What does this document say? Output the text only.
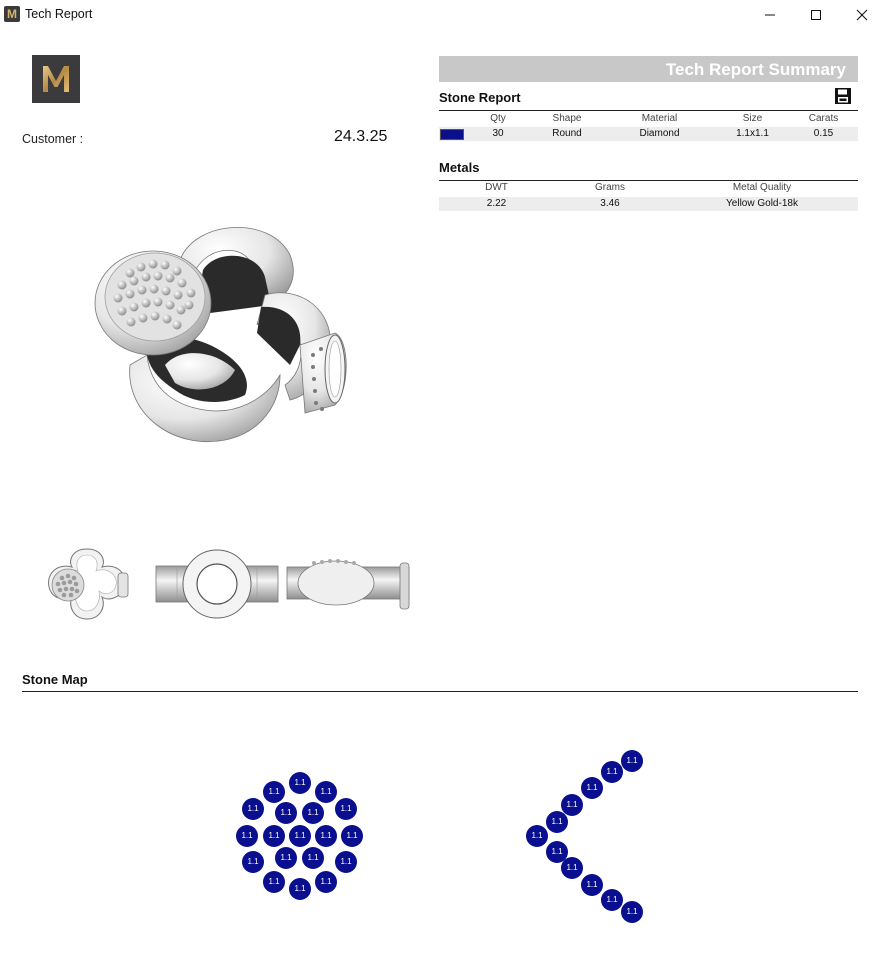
M Tech Report
Customer :	24.3.25
Tech Report Summary
Stone Report
Qty	Shape	Material	Size	Carats
30	Round	Diamond	1.1x1.1	0.15
Metals
DWT	Grams	Metal Quality
2.22	3.46	Yellow Gold-18k
Stone Map
1.1
1.1	1.1
1.1	1.1
1.1	1.1
1.1	1.1	1.1	1.1	1.1
1.1	1.1
1.1	1.1
1.1	1.1
1.1
1.1
1.1
1.1
1.1
1.1
1.1
1.1
1.1
1.1
1.1
1.1
